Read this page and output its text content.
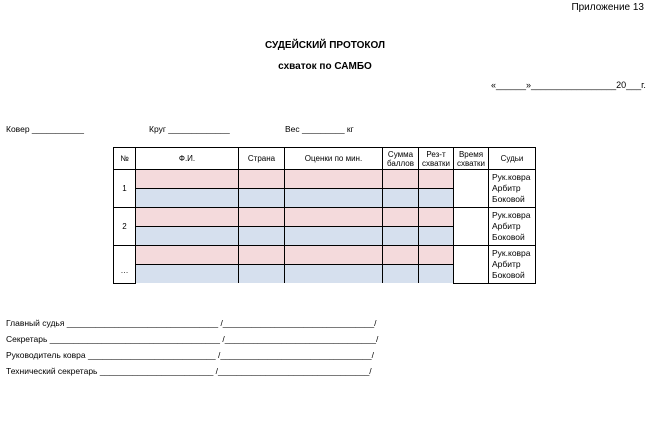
Приложение 13
СУДЕЙСКИЙ ПРОТОКОЛ
схваток по САМБО
«______»_________________20___г.
Ковер ___________	Круг _____________	Вес _________ кг
№	Ф.И.	Страна	Оценки по мин.	Сумма баллов	Рез-т схватки	Время схватки	Судьи
1							Рук.ковра
Арбитр
Боковой

2							Рук.ковра
Арбитр
Боковой

…							Рук.ковра
Арбитр
Боковой

Главный судья ________________________________ /________________________________/
Секретарь ____________________________________ /________________________________/
Руководитель ковра ___________________________ /________________________________/
Технический секретарь ________________________ /________________________________/
